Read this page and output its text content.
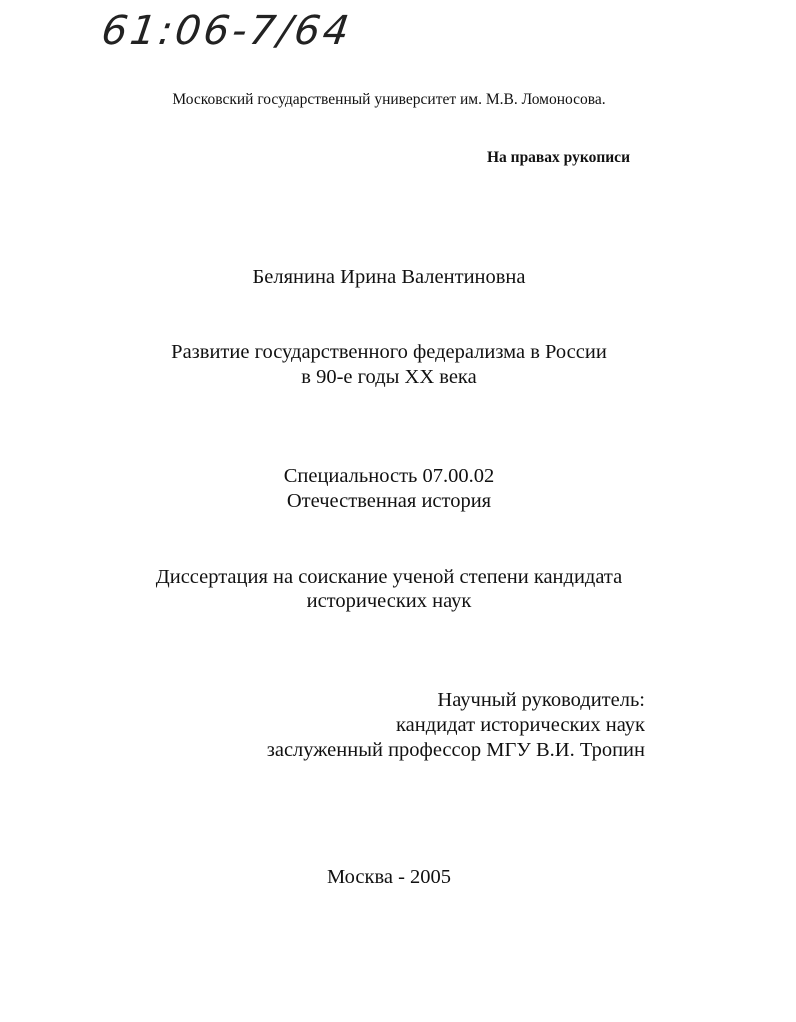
61:06-7/64
Московский государственный университет им. М.В. Ломоносова.
На правах рукописи
Белянина Ирина Валентиновна
Развитие государственного федерализма в России
в 90-е годы XX века
Специальность 07.00.02
Отечественная история
Диссертация на соискание ученой степени кандидата
исторических наук
Научный руководитель:
кандидат исторических наук
заслуженный профессор МГУ В.И. Тропин
Москва - 2005
